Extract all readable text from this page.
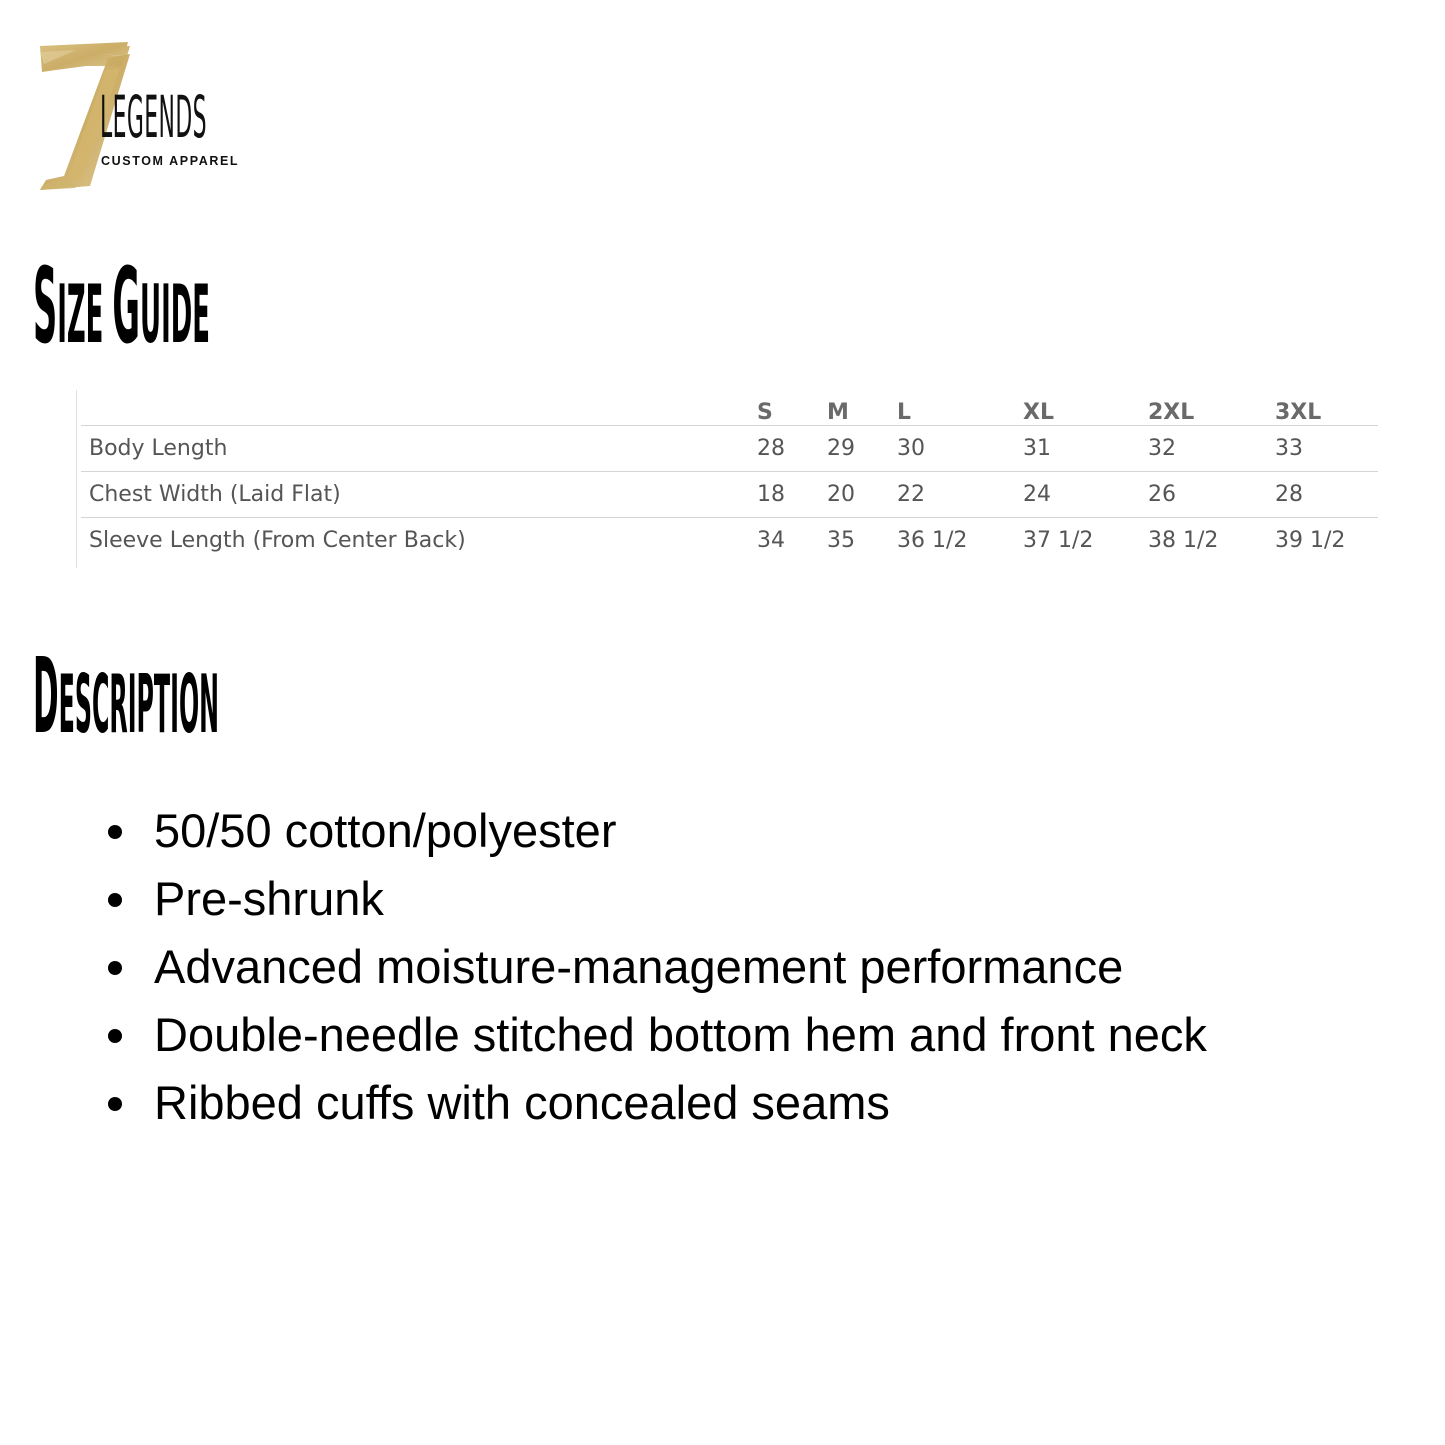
LEGENDS
CUSTOM APPAREL
SIZE GUIDE
	S	M	L	XL	2XL	3XL
Body Length	28	29	30	31	32	33
Chest Width (Laid Flat)	18	20	22	24	26	28
Sleeve Length (From Center Back)	34	35	36 1/2	37 1/2	38 1/2	39 1/2
DESCRIPTION
50/50 cotton/polyester
Pre-shrunk
Advanced moisture-management performance
Double-needle stitched bottom hem and front neck
Ribbed cuffs with concealed seams
